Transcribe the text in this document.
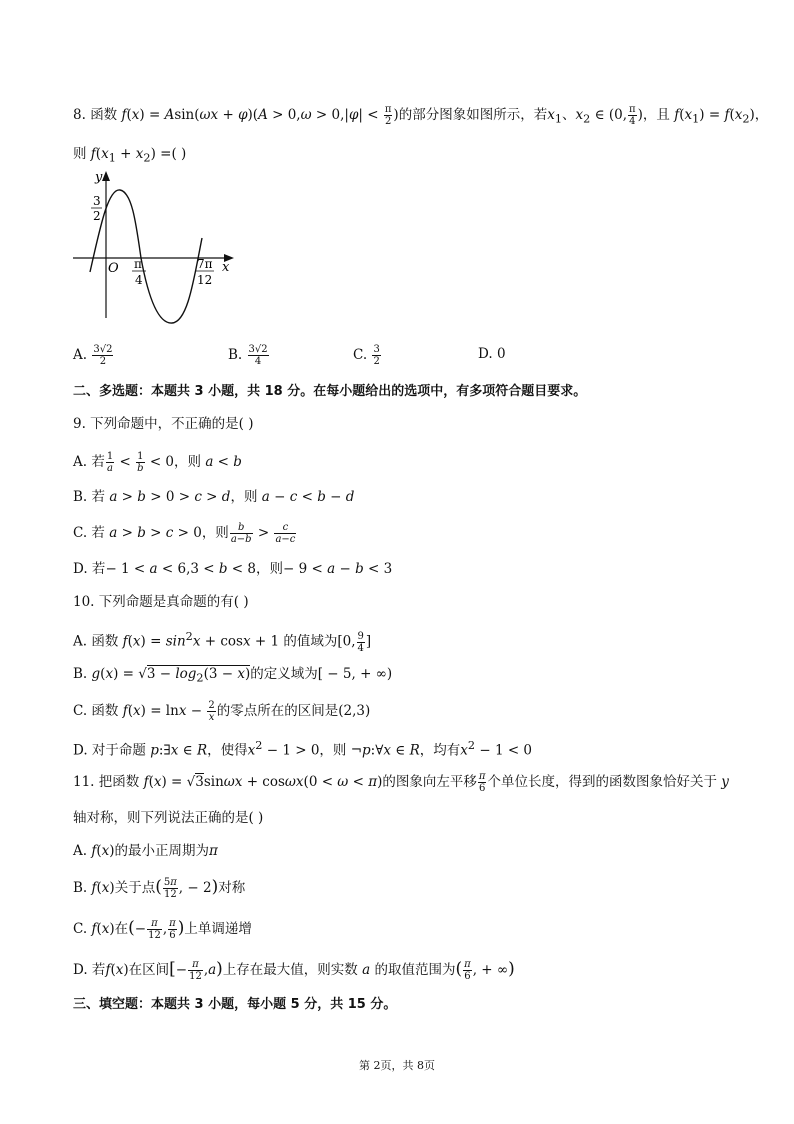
8. 函数 $f(x) = Asin(\omega x + \varphi)(A > 0,\omega > 0,|\varphi| < \frac{\pi}{2}$ )的部分图象如图所示，若$x_1$、$x_2$ ∈ (0, $\frac{\pi}{4}$ )，且 $f(x_1) = f(x_2)$，
则 $f(x_1 + x_2)$ =( )
y
x
O
3
2
π
4
7π
12
A. $\frac{3√2}{2}$	B. $\frac{3√2}{4}$	C. $\frac{3}{2}$	D. 0
二、多选题：本题共 3 小题，共 18 分。在每小题给出的选项中，有多项符合题目要求。
9. 下列命题中，不正确的是( )
A. 若 $\frac{1}{a} < \frac{1}{b} < 0$，则 a < b
B. 若 a > b > 0 > c > d，则 a − c < b − d
C. 若 a > b > c > 0，则 $\frac{b}{a-b} > \frac{c}{a-c}$
D. 若− 1 < a < 6,3 < b < 8，则− 9 < a − b < 3
10. 下列命题是真命题的有( )
A. 函数 $f(x) = \sin^2x + \cos x + 1$ 的值域为[0, $\frac{9}{4}$ ]
B. $g(x) = √3 - \log_2(3 - x)$的定义域为[ − 5, + ∞)
C. 函数 $f(x) = \ln x - \frac{2}{x}$ 的零点所在的区间是(2,3)
D. 对于命题 p:∃x ∈ R，使得$x^2 - 1 > 0$，则 ¬p:∀x ∈ R，均有$x^2 - 1 < 0$
11. 把函数 f(x) = √3sinωx + cosωx(0 < ω < π)的图象向左平移 $\frac{\pi}{6}$ 个单位长度，得到的函数图象恰好关于 y
轴对称，则下列说法正确的是( )
A. f(x)的最小正周期为π
B. f(x)关于点( $\frac{5\pi}{12}$ , − 2)对称
C. f(x)在(− $\frac{\pi}{12}$ , $\frac{\pi}{6}$ )上单调递增
D. 若f(x)在区间[− $\frac{\pi}{12} ,a$)上存在最大值，则实数 a 的取值范围为( $\frac{\pi}{6}$ , + ∞)
三、填空题：本题共 3 小题，每小题 5 分，共 15 分。
第 2页，共 8页
